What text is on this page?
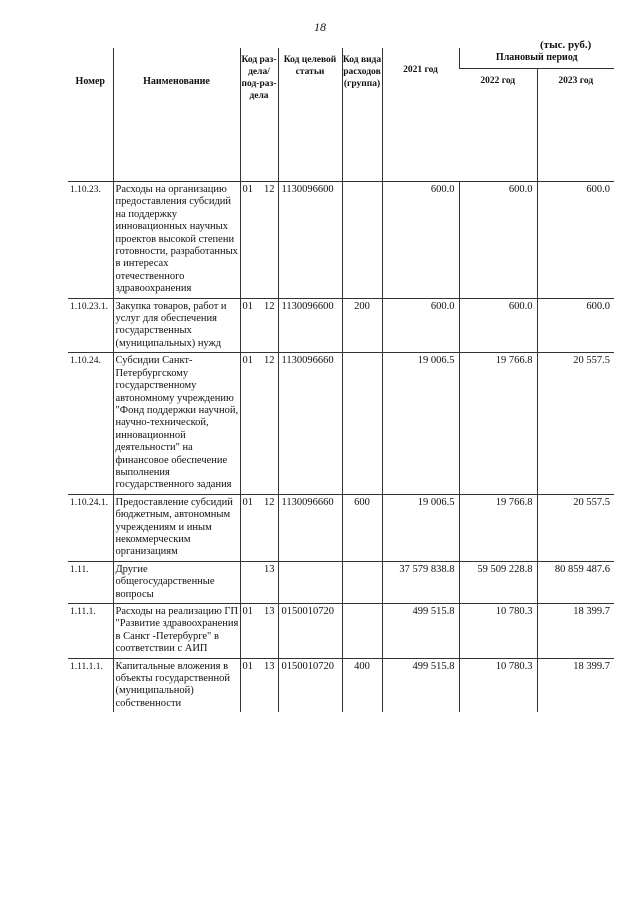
18
(тыс. руб.)
Номер	Наименование	Код раз-дела/ под-раз-дела	Код целевой статьи	Код вида расходов (группа)	2021 год	Плановый период	
						2022 год	2023 год
1.10.23.	Расходы на организацию предоставления субсидий на поддержку инновационных научных проектов высокой степени готовности, разработанных в интересах отечественного здравоохранения	01 12	1130096600		600.0	600.0	600.0
1.10.23.1.	Закупка товаров, работ и услуг для обеспечения государственных (муниципальных) нужд	01 12	1130096600	200	600.0	600.0	600.0
1.10.24.	Субсидии Санкт-Петербургскому государственному автономному учреждению "Фонд поддержки научной, научно-технической, инновационной деятельности" на финансовое обеспечение выполнения государственного задания	01 12	1130096660		19 006.5	19 766.8	20 557.5
1.10.24.1.	Предоставление субсидий бюджетным, автономным учреждениям и иным некоммерческим организациям	01 12	1130096660	600	19 006.5	19 766.8	20 557.5
1.11.	Другие общегосударственные вопросы	13			37 579 838.8	59 509 228.8	80 859 487.6
1.11.1.	Расходы на реализацию ГП "Развитие здравоохранения в Санкт -Петербурге" в соответствии с АИП	01 13	0150010720		499 515.8	10 780.3	18 399.7
1.11.1.1.	Капитальные вложения в объекты государственной (муниципальной) собственности	01 13	0150010720	400	499 515.8	10 780.3	18 399.7
